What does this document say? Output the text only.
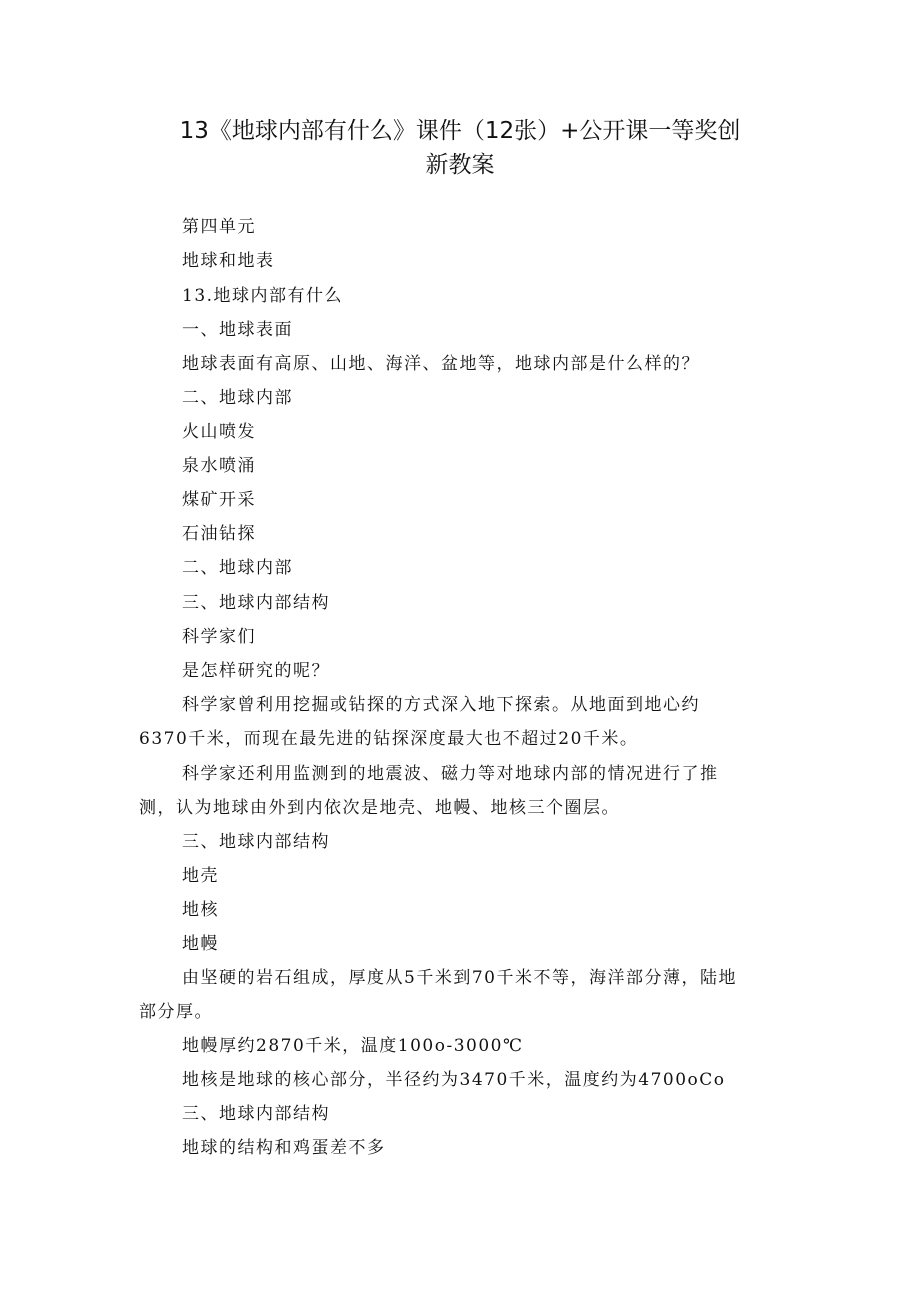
13《地球内部有什么》课件（12张）+公开课一等奖创
新教案
第四单元
地球和地表
13.地球内部有什么
一、地球表面
地球表面有高原、山地、海洋、盆地等，地球内部是什么样的？
二、地球内部
火山喷发
泉水喷涌
煤矿开采
石油钻探
二、地球内部
三、地球内部结构
科学家们
是怎样研究的呢？
科学家曾利用挖掘或钻探的方式深入地下探索。从地面到地心约
6370千米，而现在最先进的钻探深度最大也不超过20千米。
科学家还利用监测到的地震波、磁力等对地球内部的情况进行了推
测，认为地球由外到内依次是地壳、地幔、地核三个圈层。
三、地球内部结构
地壳
地核
地幔
由坚硬的岩石组成，厚度从5千米到70千米不等，海洋部分薄，陆地
部分厚。
地幔厚约2870千米，温度100o-3000℃
地核是地球的核心部分，半径约为3470千米，温度约为4700oCo
三、地球内部结构
地球的结构和鸡蛋差不多
